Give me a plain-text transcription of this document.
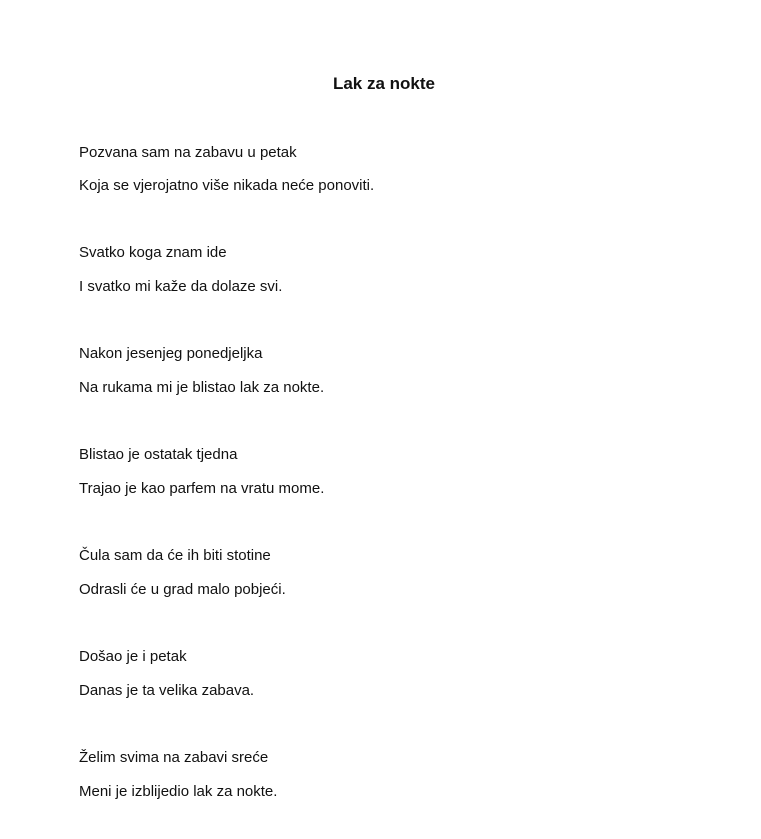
Lak za nokte

Pozvana sam na zabavu u petak

Koja se vjerojatno više nikada neće ponoviti.

Svatko koga znam ide

I svatko mi kaže da dolaze svi.

Nakon jesenjeg ponedjeljka

Na rukama mi je blistao lak za nokte.

Blistao je ostatak tjedna

Trajao je kao parfem na vratu mome.

Čula sam da će ih biti stotine

Odrasli će u grad malo pobjeći.

Došao je i petak

Danas je ta velika zabava.

Želim svima na zabavi sreće

Meni je izblijedio lak za nokte.
